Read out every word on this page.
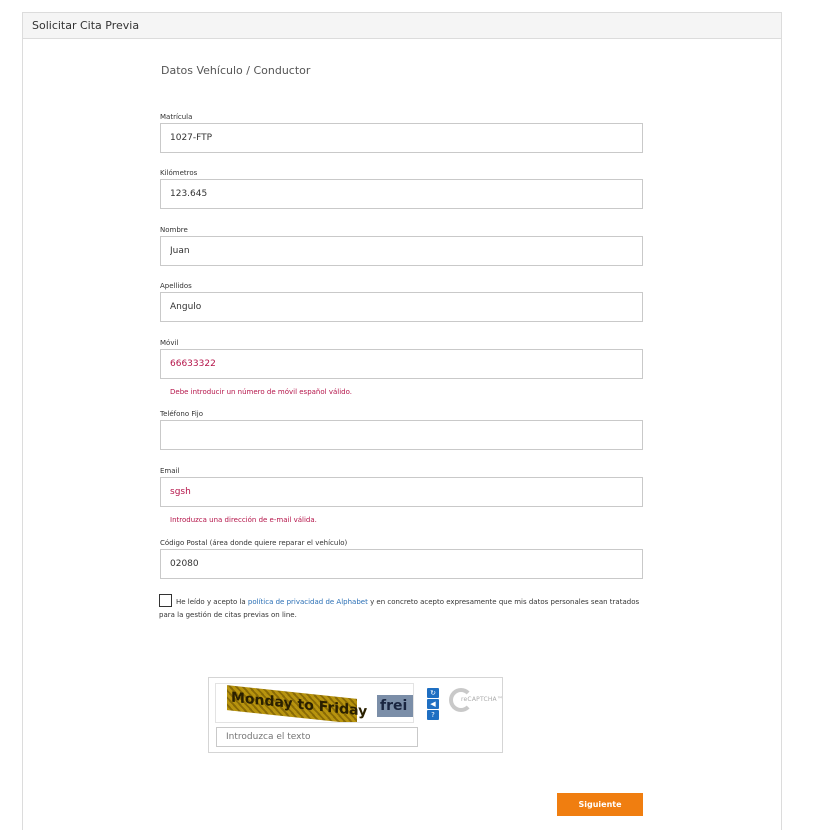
Solicitar Cita Previa
Datos Vehículo / Conductor
Matrícula
1027-FTP
Kilómetros
123.645
Nombre
Juan
Apellidos
Angulo
Móvil
66633322
Debe introducir un número de móvil español válido.
Teléfono Fijo
Email
sgsh
Introduzca una dirección de e-mail válida.
Código Postal (área donde quiere reparar el vehículo)
02080
He leído y acepto la política de privacidad de Alphabet y en concreto acepto expresamente que mis datos personales sean tratados para la gestión de citas previas on line.
Monday to Friday frei
↻
◀
?
reCAPTCHA™
Introduzca el texto
Siguiente
